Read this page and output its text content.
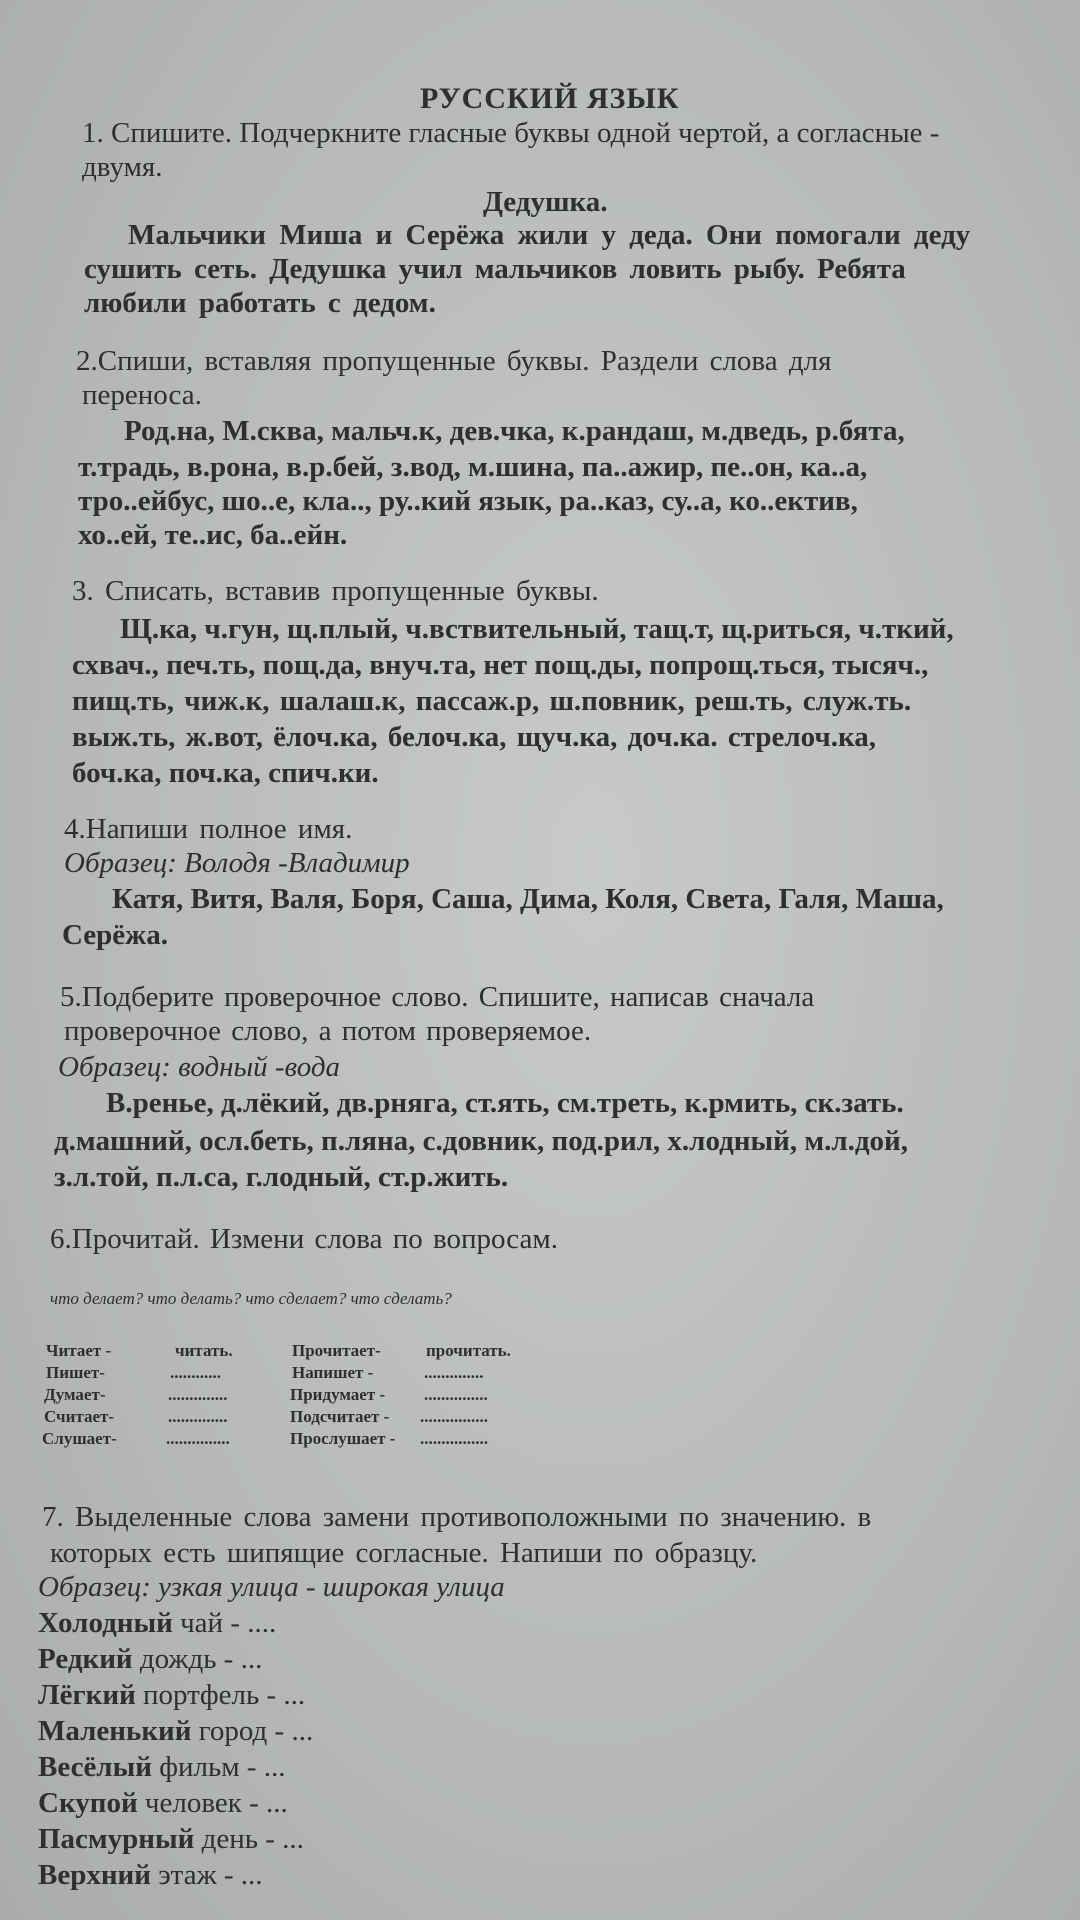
РУССКИЙ ЯЗЫК
1. Спишите. Подчеркните гласные буквы одной чертой, а согласные -
двумя.
Дедушка.
Мальчики Миша и Серёжа жили у деда. Они помогали деду
сушить сеть. Дедушка учил мальчиков ловить рыбу. Ребята
любили работать с дедом.
2.Спиши, вставляя пропущенные буквы. Раздели слова для
переноса.
Род.на, М.сква, мальч.к, дев.чка, к.рандаш, м.дведь, р.бята,
т.традь, в.рона, в.р.бей, з.вод, м.шина, па..ажир, пе..он, ка..а,
тро..ейбус, шо..е, кла.., ру..кий язык, ра..каз, су..а, ко..ектив,
хо..ей, те..ис, ба..ейн.
3. Списать, вставив пропущенные буквы.
Щ.ка, ч.гун, щ.плый, ч.вствительный, тащ.т, щ.риться, ч.ткий,
схвач., печ.ть, пощ.да, внуч.та, нет пощ.ды, попрощ.ться, тысяч.,
пищ.ть, чиж.к, шалаш.к, пассаж.р, ш.повник, реш.ть, служ.ть.
выж.ть, ж.вот, ёлоч.ка, белоч.ка, щуч.ка, доч.ка. стрелоч.ка,
боч.ка, поч.ка, спич.ки.
4.Напиши полное имя.
Образец: Володя -Владимир
Катя, Витя, Валя, Боря, Саша, Дима, Коля, Света, Галя, Маша,
Серёжа.
5.Подберите проверочное слово. Спишите, написав сначала
проверочное слово, а потом проверяемое.
Образец: водный -вода
В.ренье, д.лёкий, дв.рняга, ст.ять, см.треть, к.рмить, ск.зать.
д.машний, осл.беть, п.ляна, с.довник, под.рил, х.лодный, м.л.дой,
з.л.той, п.л.са, г.лодный, ст.р.жить.
6.Прочитай. Измени слова по вопросам.
что делает? что делать? что сделает? что сделать?
Читает -	читать.	Прочитает-	прочитать.
Пишет-	............	Напишет -	..............
Думает-	..............	Придумает - ...............
Считает-	..............	Подсчитает - ................
Слушает-	...............	Прослушает - ................
7. Выделенные слова замени противоположными по значению. в
которых есть шипящие согласные. Напиши по образцу.
Образец: узкая улица - широкая улица
Холодный чай - ....
Редкий дождь - ...
Лёгкий портфель - ...
Маленький город - ...
Весёлый фильм - ...
Скупой человек - ...
Пасмурный день - ...
Верхний этаж - ...
